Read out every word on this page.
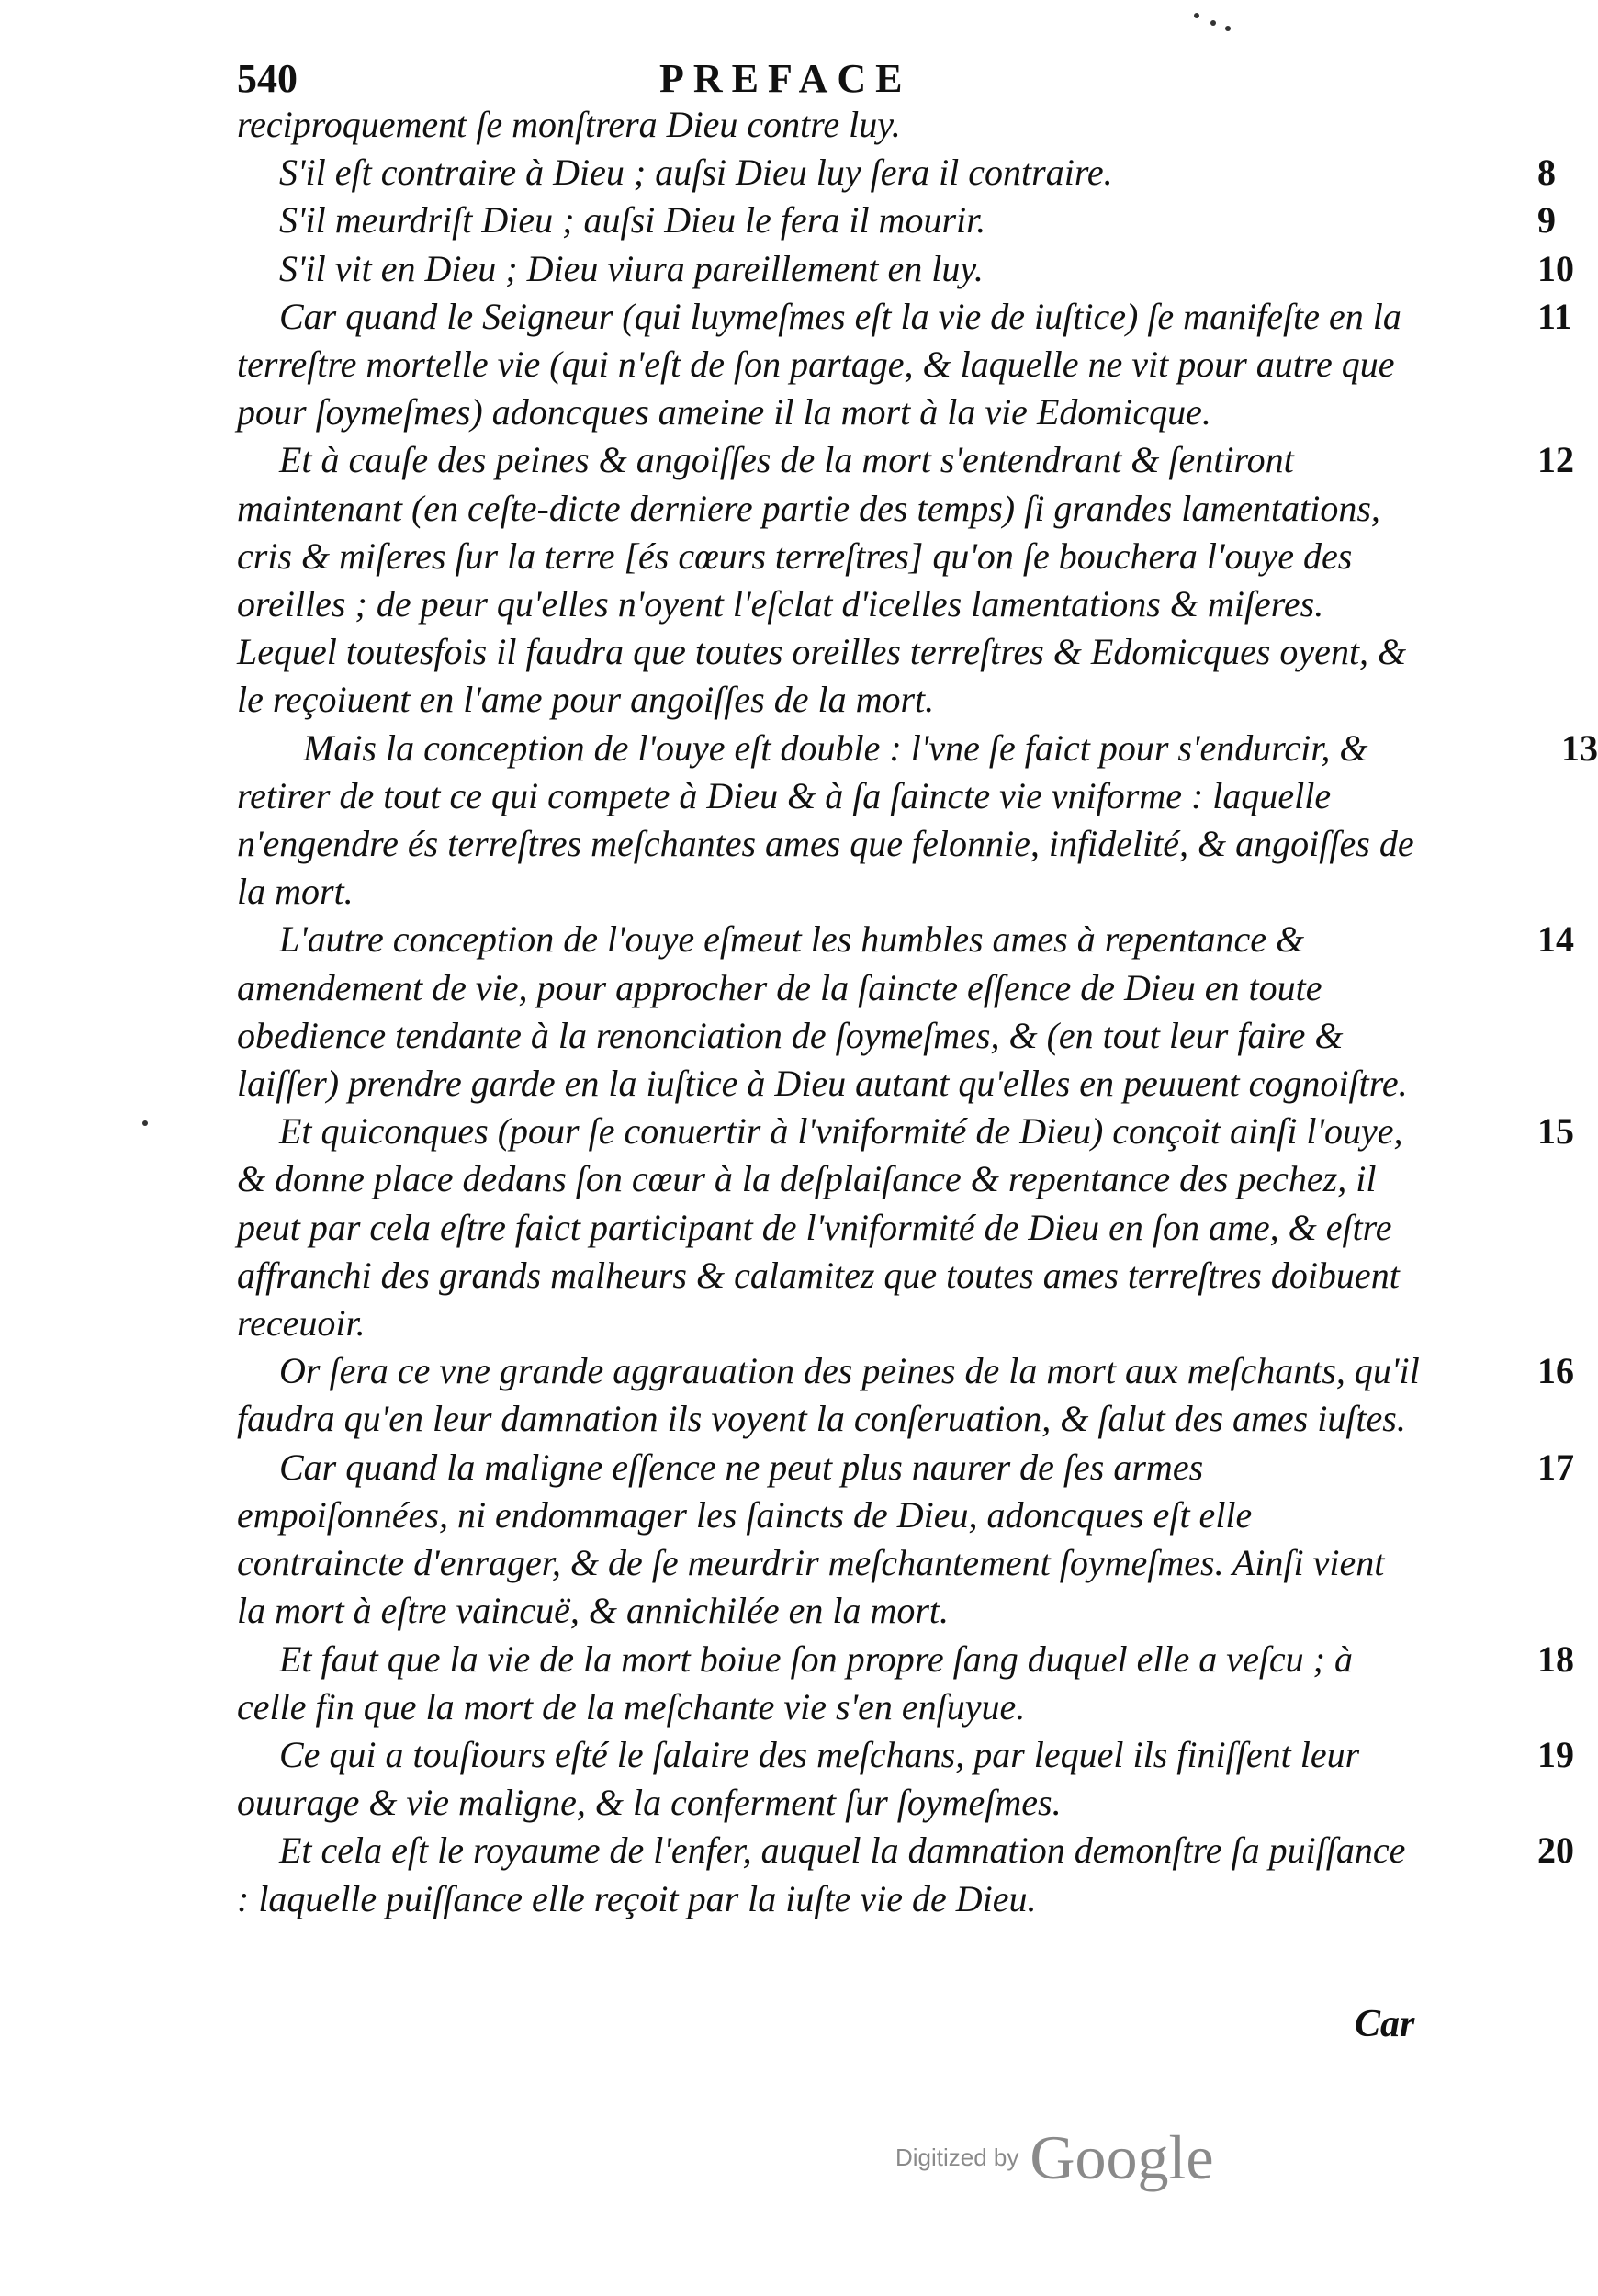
540	PREFACE
reciproquement ſe monſtrera Dieu contre luy.
S'il eſt contraire à Dieu ; auſsi Dieu luy ſera il contraire.	8
S'il meurdriſt Dieu ; auſsi Dieu le fera il mourir.	9
S'il vit en Dieu ; Dieu viura pareillement en luy.	10
Car quand le Seigneur (qui luymeſmes eſt la vie de iuſtice) ſe manifeſte en la terreſtre mortelle vie (qui n'eſt de ſon partage, & laquelle ne vit pour autre que pour ſoymeſmes) adoncques ameine il la mort à la vie Edomicque.
11
Et à cauſe des peines & angoiſſes de la mort s'entendrant & ſentiront maintenant (en ceſte-dicte derniere partie des temps) ſi grandes lamentations, cris & miſeres ſur la terre [és cœurs terreſtres] qu'on ſe bouchera l'ouye des oreilles ; de peur qu'elles n'oyent l'eſclat d'icelles lamentations & miſeres. Lequel toutesfois il faudra que toutes oreilles terreſtres & Edomicques oyent, & le reçoiuent en l'ame pour angoiſſes de la mort.
12
Mais la conception de l'ouye eſt double : l'vne ſe faict pour s'endurcir, & retirer de tout ce qui compete à Dieu & à ſa ſaincte vie vniforme : laquelle n'engendre és terreſtres meſchantes ames que felonnie, infidelité, & angoiſſes de la mort.
13
L'autre conception de l'ouye eſmeut les humbles ames à repentance & amendement de vie, pour approcher de la ſaincte eſſence de Dieu en toute obedience tendante à la renonciation de ſoymeſmes, & (en tout leur faire & laiſſer) prendre garde en la iuſtice à Dieu autant qu'elles en peuuent cognoiſtre.
14
Et quiconques (pour ſe conuertir à l'vniformité de Dieu) conçoit ainſi l'ouye, & donne place dedans ſon cœur à la deſplaiſance & repentance des pechez, il peut par cela eſtre faict participant de l'vniformité de Dieu en ſon ame, & eſtre affranchi des grands malheurs & calamitez que toutes ames terreſtres doibuent receuoir.
15
Or ſera ce vne grande aggrauation des peines de la mort aux meſchants, qu'il faudra qu'en leur damnation ils voyent la conſeruation, & ſalut des ames iuſtes.
16
Car quand la maligne eſſence ne peut plus naurer de ſes armes empoiſonnées, ni endommager les ſaincts de Dieu, adoncques eſt elle contraincte d'enrager, & de ſe meurdrir meſchantement ſoymeſmes. Ainſi vient la mort à eſtre vaincuë, & annichilée en la mort.
17
Et faut que la vie de la mort boiue ſon propre ſang duquel elle a veſcu ; à celle fin que la mort de la meſchante vie s'en enſuyue.
18
Ce qui a touſiours eſté le ſalaire des meſchans, par lequel ils finiſſent leur ouurage & vie maligne, & la conferment ſur ſoymeſmes.
19
Et cela eſt le royaume de l'enfer, auquel la damnation demonſtre ſa puiſſance : laquelle puiſſance elle reçoit par la iuſte vie de Dieu.
20
Car
Digitized by Google
